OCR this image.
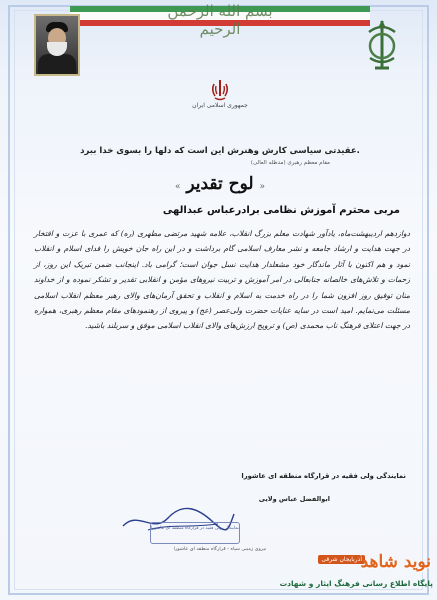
بسم الله الرحمن الرحیم
جمهوری اسلامی ایران
عقیدتی سیاسی کارش وهنرش این است که دلها را بسوی خدا ببرد.
مقام معظم رهبری (مدظله العالی)
« لوح تقدیر »
مربی محترم آموزش نظامی برادرعباس عبدالهی
دوازدهم اردیبهشت‌ماه، یادآور شهادت معلم بزرگ انقلاب، علامه شهید مرتضی مطهری (ره) که عمری با عزت و افتخار در جهت هدایت و ارشاد جامعه و نشر معارف اسلامی گام برداشت و در این راه جان خویش را فدای اسلام و انقلاب نمود و هم اکنون با آثار ماندگار خود مشعلدار هدایت نسل جوان است؛ گرامی باد. اینجانب ضمن تبریک این روز، از زحمات و تلاش‌های خالصانه جنابعالی در امر آموزش و تربیت نیروهای مؤمن و انقلابی تقدیر و تشکر نموده و از خداوند منان توفیق روز افزون شما را در راه خدمت به اسلام و انقلاب و تحقق آرمان‌های والای رهبر معظم انقلاب اسلامی مسئلت می‌نمایم. امید است در سایه عنایات حضرت ولی‌عصر (عج) و پیروی از رهنمودهای مقام معظم رهبری، همواره در جهت اعتلای فرهنگ ناب محمدی (ص) و ترویج ارزش‌های والای انقلاب اسلامی موفق و سربلند باشید.
نمایندگی ولی فقیه در قرارگاه منطقه ای عاشورا
ابوالفضل عباس ولایی
نمایندگی ولی فقیه در قرارگاه منطقه ای عاشورا
نیروی زمینی سپاه - قرارگاه منطقه ای عاشورا
آذربایجان شرقی
نوید شاهد
پایگاه اطلاع رسانی فرهنگ ایثار و شهادت
